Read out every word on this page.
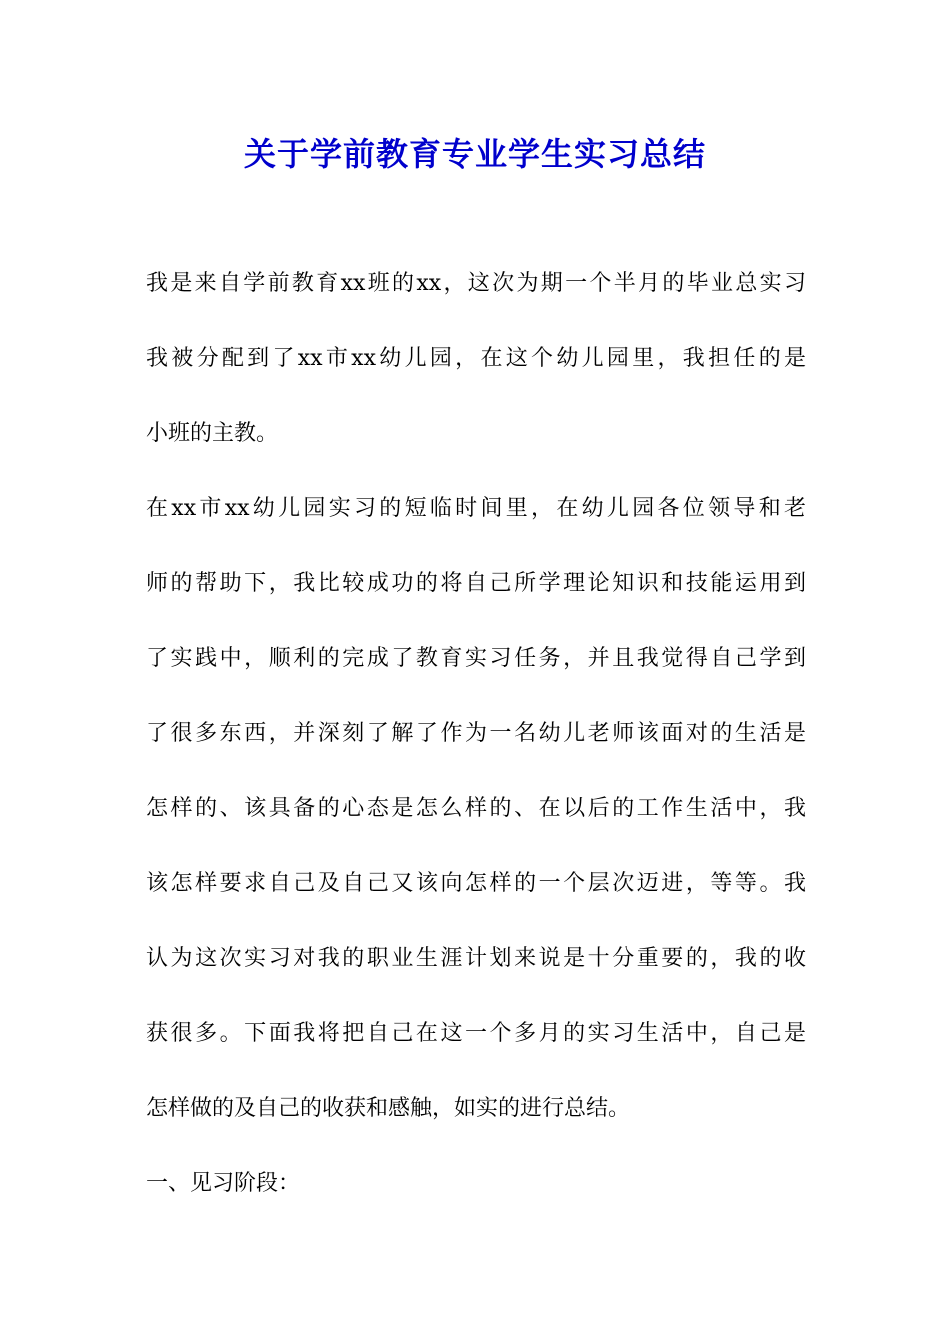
关于学前教育专业学生实习总结

我是来自学前教育xx班的xx，这次为期一个半月的毕业总实习

我被分配到了xx市xx幼儿园，在这个幼儿园里，我担任的是

小班的主教。

在xx市xx幼儿园实习的短临时间里，在幼儿园各位领导和老

师的帮助下，我比较成功的将自己所学理论知识和技能运用到

了实践中，顺利的完成了教育实习任务，并且我觉得自己学到

了很多东西，并深刻了解了作为一名幼儿老师该面对的生活是

怎样的、该具备的心态是怎么样的、在以后的工作生活中，我

该怎样要求自己及自己又该向怎样的一个层次迈进，等等。我

认为这次实习对我的职业生涯计划来说是十分重要的，我的收

获很多。下面我将把自己在这一个多月的实习生活中，自己是

怎样做的及自己的收获和感触，如实的进行总结。

一、见习阶段：
